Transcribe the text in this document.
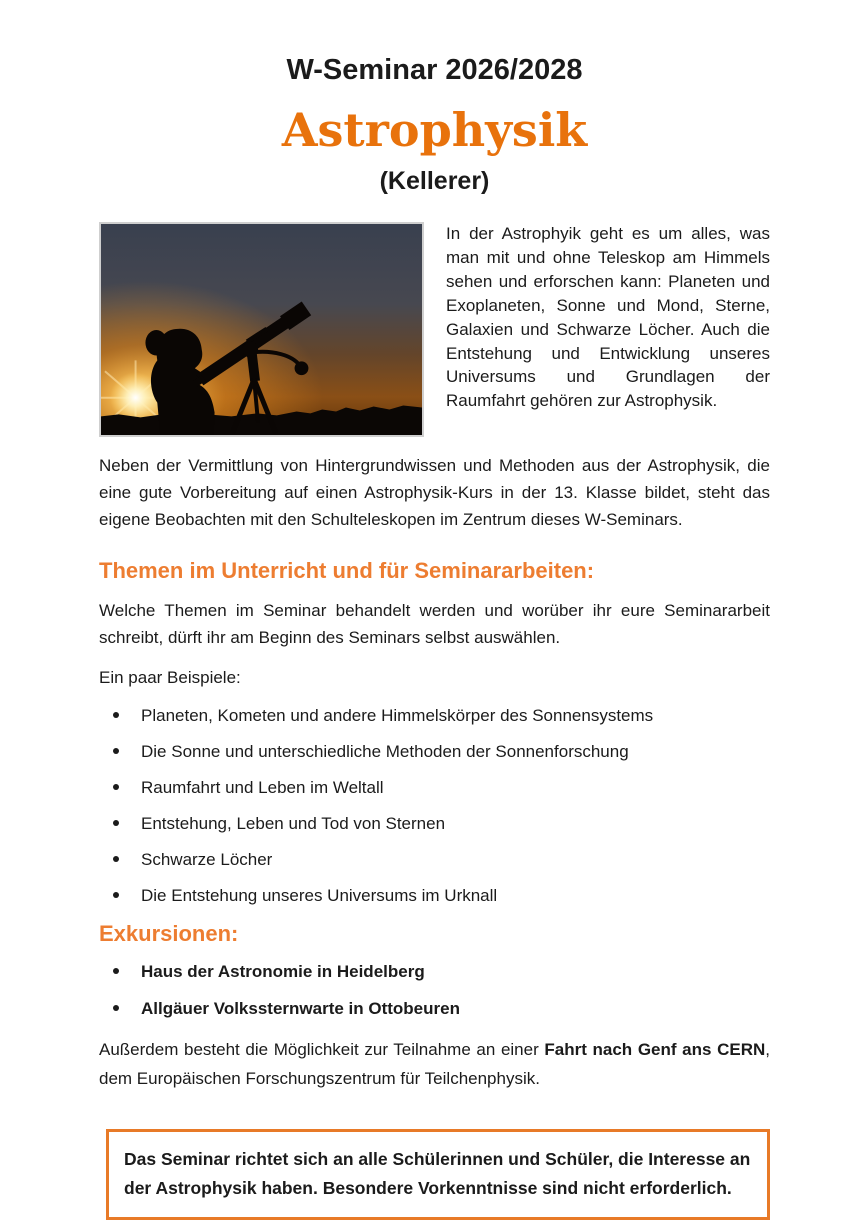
W-Seminar 2026/2028
Astrophysik
(Kellerer)

In der Astrophyik geht es um alles, was man mit und ohne Teleskop am Himmels sehen und erforschen kann: Planeten und Exoplaneten, Sonne und Mond, Sterne, Galaxien und Schwarze Löcher. Auch die Entstehung und Entwicklung unseres Universums und Grundlagen der Raumfahrt gehören zur Astrophysik.

Neben der Vermittlung von Hintergrundwissen und Methoden aus der Astrophysik, die eine gute Vorbereitung auf einen Astrophysik-Kurs in der 13. Klasse bildet, steht das eigene Beobachten mit den Schulteleskopen im Zentrum dieses W-Seminars.

Themen im Unterricht und für Seminararbeiten:

Welche Themen im Seminar behandelt werden und worüber ihr eure Seminararbeit schreibt, dürft ihr am Beginn des Seminars selbst auswählen.

Ein paar Beispiele:

Planeten, Kometen und andere Himmelskörper des Sonnensystems
Die Sonne und unterschiedliche Methoden der Sonnenforschung
Raumfahrt und Leben im Weltall
Entstehung, Leben und Tod von Sternen
Schwarze Löcher
Die Entstehung unseres Universums im Urknall
Exkursionen:
Haus der Astronomie in Heidelberg
Allgäuer Volkssternwarte in Ottobeuren

Außerdem besteht die Möglichkeit zur Teilnahme an einer Fahrt nach Genf ans CERN, dem Europäischen Forschungszentrum für Teilchenphysik.

Das Seminar richtet sich an alle Schülerinnen und Schüler, die Interesse an der Astrophysik haben. Besondere Vorkenntnisse sind nicht erforderlich.
